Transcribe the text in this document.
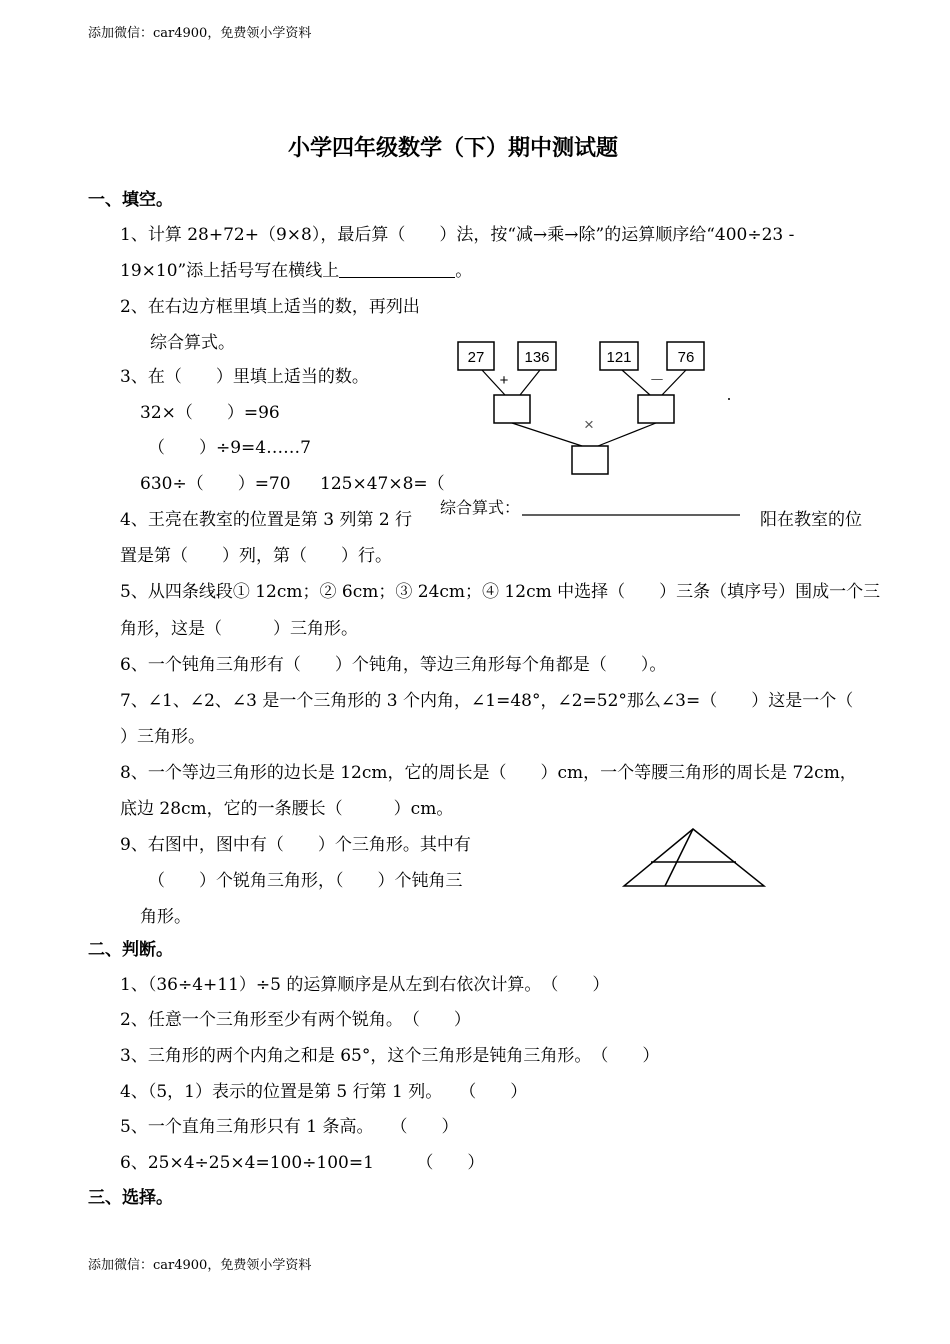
添加微信：car4900，免费领小学资料
添加微信：car4900，免费领小学资料
小学四年级数学（下）期中测试题
一、填空。
1、计算 28+72+（9×8），最后算（　　）法，按“减→乘→除”的运算顺序给“400÷23 -
19×10”添上括号写在横线上	。
2、在右边方框里填上适当的数，再列出
综合算式。
3、在（　　）里填上适当的数。
32×（　　）=96
（　　）÷9=4……7
630÷（　　）=70 125×47×8=（
4、王亮在教室的位置是第 3 列第 2 行	阳在教室的位
置是第（　　）列，第（　　）行。
5、从四条线段① 12cm；② 6cm；③ 24cm；④ 12cm 中选择（　　）三条（填序号）围成一个三
角形，这是（　　　）三角形。
6、一个钝角三角形有（　　）个钝角，等边三角形每个角都是（　　）。
7、∠1、∠2、∠3 是一个三角形的 3 个内角，∠1=48°，∠2=52°那么∠3=（　　）这是一个（
）三角形。
8、一个等边三角形的边长是 12cm，它的周长是（　　）cm，一个等腰三角形的周长是 72cm，
底边 28cm，它的一条腰长（　　　）cm。
9、右图中，图中有（　　）个三角形。其中有
（　　）个锐角三角形，（　　）个钝角三
角形。
27	136	121	76
+	－
×
综合算式：
二、判断。
1、（36÷4+11）÷5 的运算顺序是从左到右依次计算。　（　　）
2、任意一个三角形至少有两个锐角。　（　　）
3、三角形的两个内角之和是 65°，这个三角形是钝角三角形。　（　　）
4、（5，1）表示的位置是第 5 行第 1 列。　　（　　）
5、一个直角三角形只有 1 条高。　　（　　）
6、25×4÷25×4=100÷100=1　　　（　　）
三、选择。
